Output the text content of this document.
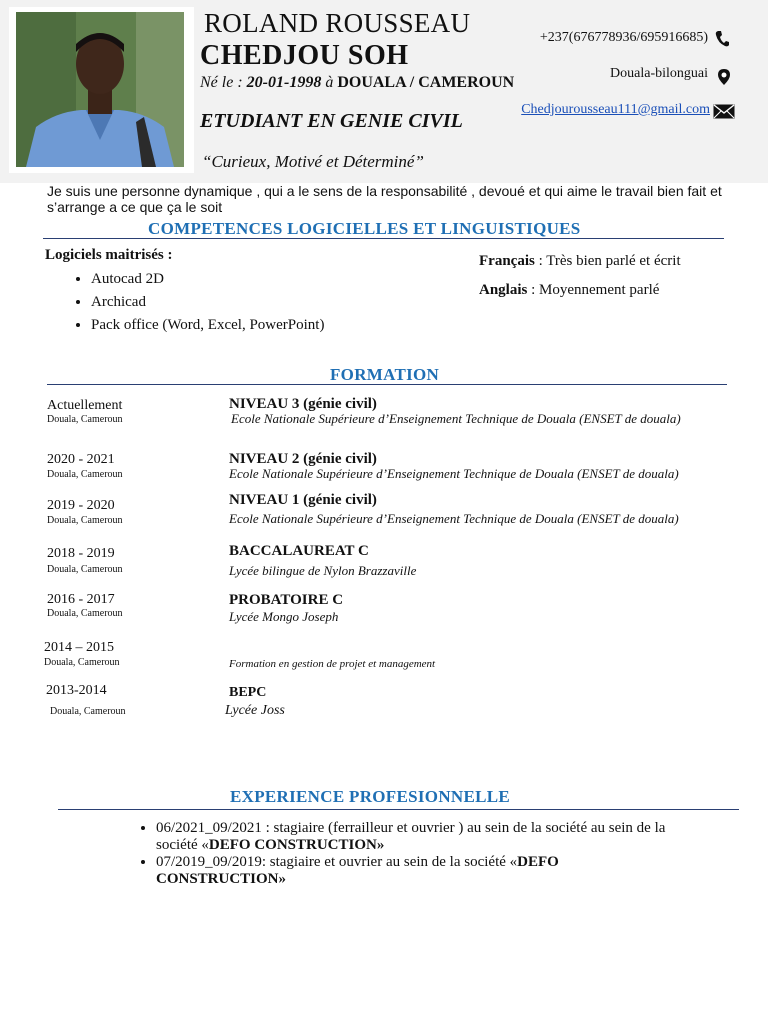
ROLAND ROUSSEAU
CHEDJOU SOH
Né le : 20-01-1998 à DOUALA / CAMEROUN
ETUDIANT EN GENIE CIVIL
“Curieux, Motivé et Déterminé”
+237(676778936/695916685)
Douala-bilonguai
Chedjourousseau111@gmail.com
Je suis une personne dynamique , qui a le sens de la responsabilité , devoué et qui aime le travail bien fait et s’arrange a ce que ça le soit
COMPETENCES LOGICIELLES ET LINGUISTIQUES
Logiciels maitrisés :
• Autocad 2D
• Archicad
• Pack office (Word, Excel, PowerPoint)
Français : Très bien parlé et écrit
Anglais : Moyennement parlé
FORMATION
Actuellement
Douala, Cameroun
NIVEAU 3 (génie civil)
Ecole Nationale Supérieure d’Enseignement Technique de Douala (ENSET de douala)
2020 - 2021
Douala, Cameroun
NIVEAU 2 (génie civil)
Ecole Nationale Supérieure d’Enseignement Technique de Douala (ENSET de douala)
2019 - 2020
Douala, Cameroun
NIVEAU 1 (génie civil)
Ecole Nationale Supérieure d’Enseignement Technique de Douala (ENSET de douala)
2018 - 2019
Douala, Cameroun
BACCALAUREAT C
Lycée bilingue de Nylon Brazzaville
2016 - 2017
Douala, Cameroun
PROBATOIRE C
Lycée Mongo Joseph
2014 – 2015
Douala, Cameroun	Formation en gestion de projet et management
2013-2014
Douala, Cameroun
BEPC
Lycée Joss
EXPERIENCE PROFESIONNELLE
• 06/2021_09/2021 : stagiaire (ferrailleur et ouvrier ) au sein de la société au sein de la société «DEFO CONSTRUCTION»
• 07/2019_09/2019: stagiaire et ouvrier au sein de la société «DEFO CONSTRUCTION»
